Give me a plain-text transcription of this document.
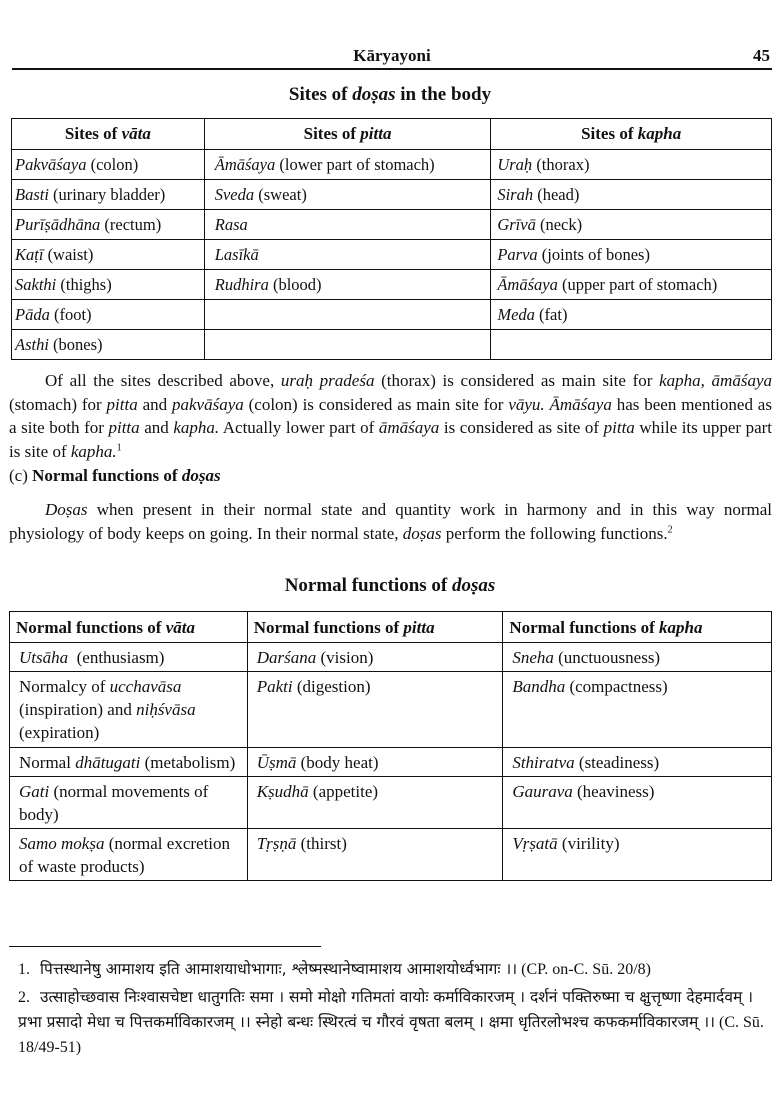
Kāryayoni	45
Sites of doṣas in the body
Sites of vāta	Sites of pitta	Sites of kapha
Pakvāśaya (colon)	Āmāśaya (lower part of stomach)	Uraḥ (thorax)
Basti (urinary bladder)	Sveda (sweat)	Sirah (head)
Purīṣādhāna (rectum)	Rasa	Grīvā (neck)
Kaṭī (waist)	Lasīkā	Parva (joints of bones)
Sakthi (thighs)	Rudhira (blood)	Āmāśaya (upper part of stomach)
Pāda (foot)		Meda (fat)
Asthi (bones)		
Of all the sites described above, uraḥ pradeśa (thorax) is considered as main site for kapha, āmāśaya (stomach) for pitta and pakvāśaya (colon) is considered as main site for vāyu. Āmāśaya has been mentioned as a site both for pitta and kapha. Actually lower part of āmāśaya is considered as site of pitta while its upper part is site of kapha.$^1$
(c) Normal functions of doṣas
Doṣas when present in their normal state and quantity work in harmony and in this way normal physiology of body keeps on going. In their normal state, doṣas perform the following functions.$^2$
Normal functions of doṣas
Normal functions of vāta	Normal functions of pitta	Normal functions of kapha
Utsāha  (enthusiasm)	Darśana (vision)	Sneha (unctuousness)
Normalcy of ucchavāsa (inspiration) and niḥśvāsa (expiration)	Pakti (digestion)	Bandha (compactness)
Normal dhātugati (metabolism)	Ūṣmā (body heat)	Sthiratva (steadiness)
Gati (normal movements of body)	Kṣudhā (appetite)	Gaurava (heaviness)
Samo mokṣa (normal excretion of waste products)	Tṛṣṇā (thirst)	Vṛṣatā (virility)
1. पित्तस्थानेषु आमाशय इति आमाशयाधोभागाः, श्लेष्मस्थानेष्वामाशय आमाशयोर्ध्वभागः ।। (CP. on-C. Sū. 20/8)
2. उत्साहोच्छवास निःश्वासचेष्टा धातुगतिः समा । समो मोक्षो गतिमतां वायोः कर्माविकारजम् । दर्शनं पक्तिरुष्मा च क्षुत्तृष्णा देहमार्दवम् । प्रभा प्रसादो मेधा च पित्तकर्माविकारजम् ।। स्नेहो बन्धः स्थिरत्वं च गौरवं वृषता बलम् । क्षमा धृतिरलोभश्च कफकर्माविकारजम् ।। (C. Sū. 18/49-51)
